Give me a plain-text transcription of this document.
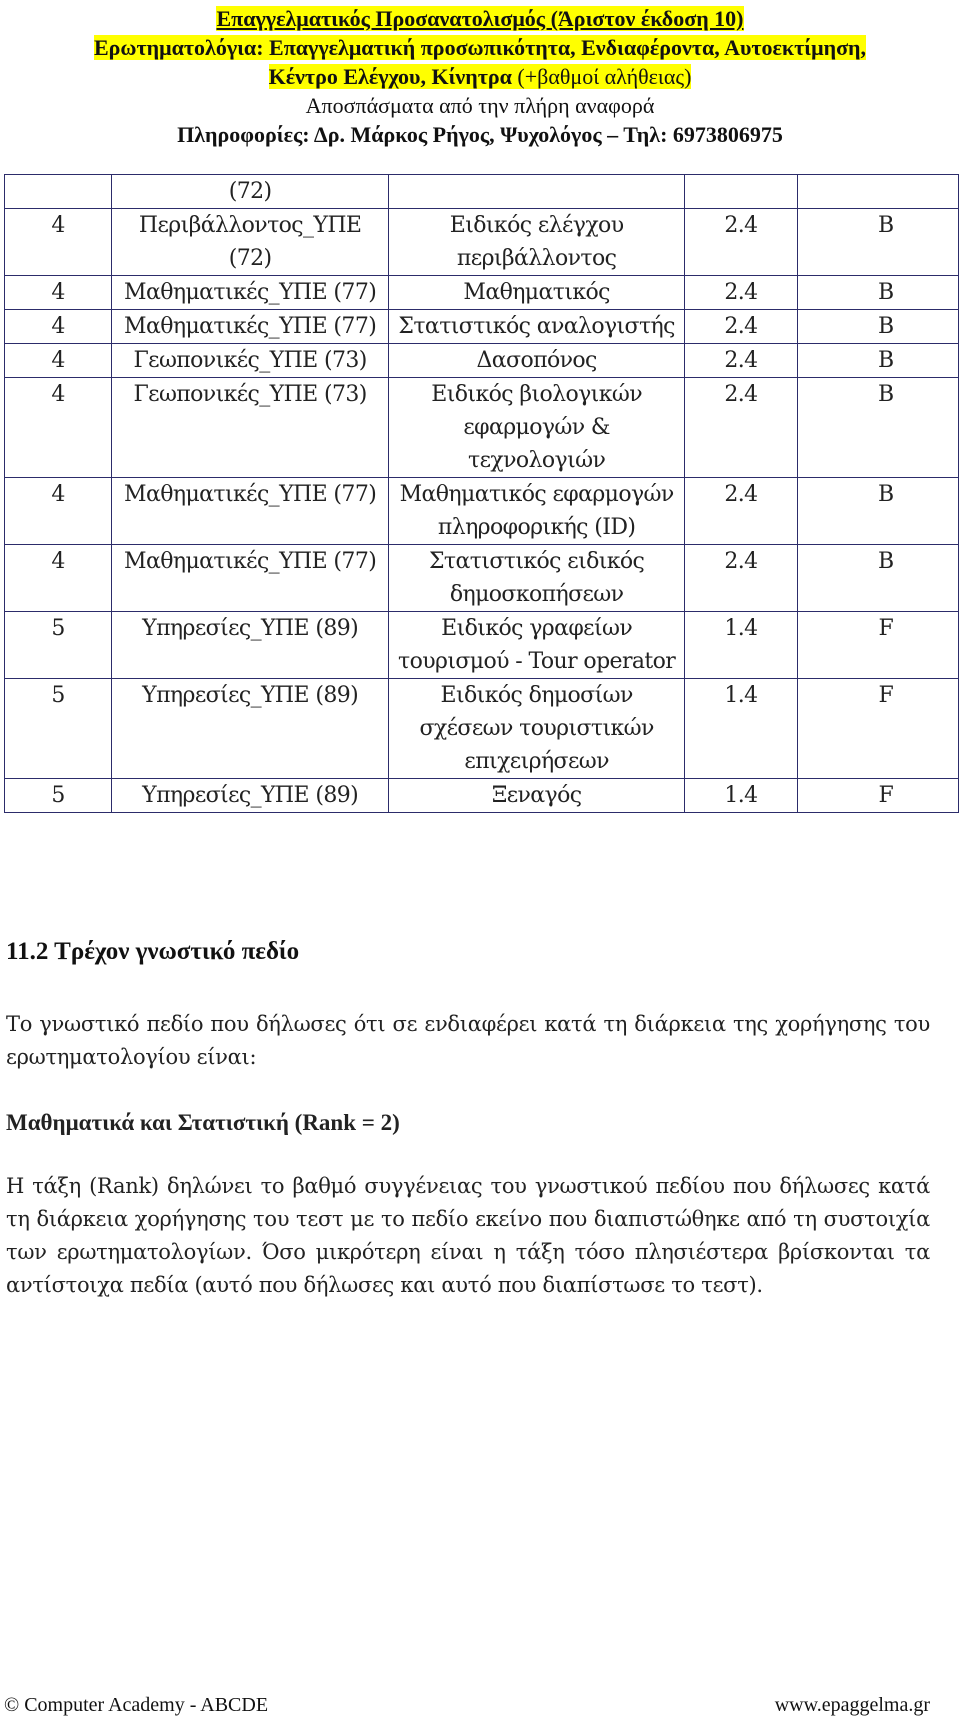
Επαγγελματικός Προσανατολισμός (Άριστον έκδοση 10)
Ερωτηματολόγια: Επαγγελματική προσωπικότητα, Ενδιαφέροντα, Αυτοεκτίμηση,
Κέντρο Ελέγχου, Κίνητρα (+βαθμοί αλήθειας)
Αποσπάσματα από την πλήρη αναφορά
Πληροφορίες: Δρ. Μάρκος Ρήγος, Ψυχολόγος – Τηλ: 6973806975
	(72)			
4	Περιβάλλοντος_ΥΠΕ (72)	Ειδικός ελέγχου περιβάλλοντος	2.4	B
4	Μαθηματικές_ΥΠΕ (77)	Μαθηματικός	2.4	B
4	Μαθηματικές_ΥΠΕ (77)	Στατιστικός αναλογιστής	2.4	B
4	Γεωπονικές_ΥΠΕ (73)	Δασοπόνος	2.4	B
4	Γεωπονικές_ΥΠΕ (73)	Ειδικός βιολογικών εφαρμογών & τεχνολογιών	2.4	B
4	Μαθηματικές_ΥΠΕ (77)	Μαθηματικός εφαρμογών πληροφορικής (ID)	2.4	B
4	Μαθηματικές_ΥΠΕ (77)	Στατιστικός ειδικός δημοσκοπήσεων	2.4	B
5	Υπηρεσίες_ΥΠΕ (89)	Ειδικός γραφείων τουρισμού - Tour operator	1.4	F
5	Υπηρεσίες_ΥΠΕ (89)	Ειδικός δημοσίων σχέσεων τουριστικών επιχειρήσεων	1.4	F
5	Υπηρεσίες_ΥΠΕ (89)	Ξεναγός	1.4	F
11.2 Τρέχον γνωστικό πεδίο

Το γνωστικό πεδίο που δήλωσες ότι σε ενδιαφέρει κατά τη διάρκεια της χορήγησης του ερωτηματολογίου είναι:

Μαθηματικά και Στατιστική (Rank = 2)

Η τάξη (Rank) δηλώνει το βαθμό συγγένειας του γνωστικού πεδίου που δήλωσες κατά τη διάρκεια χορήγησης του τεστ με το πεδίο εκείνο που διαπιστώθηκε από τη συστοιχία των ερωτηματολογίων. Όσο μικρότερη είναι η τάξη τόσο πλησιέστερα βρίσκονται τα αντίστοιχα πεδία (αυτό που δήλωσες και αυτό που διαπίστωσε το τεστ).

© Computer Academy - ABCDE	www.epaggelma.gr
